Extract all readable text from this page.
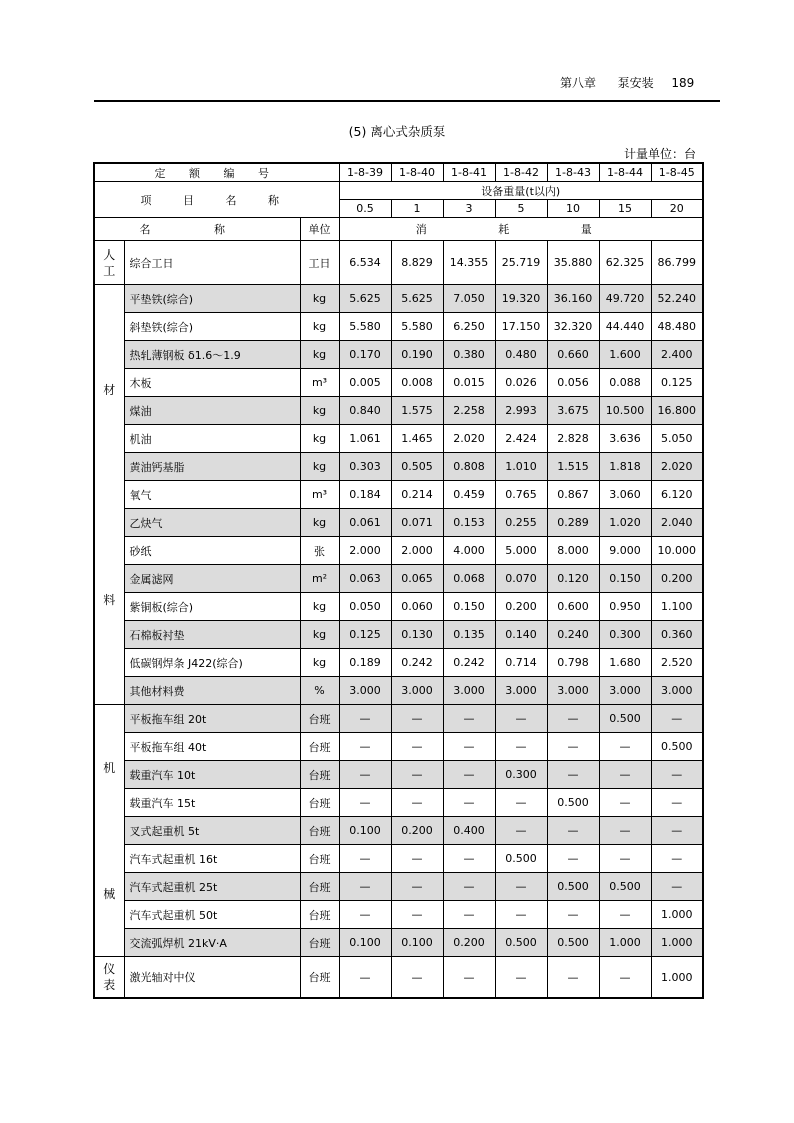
第八章 泵安装 189
(5) 离心式杂质泵
计量单位：台
定 额 编 号			1-8-39	1-8-40	1-8-41	1-8-42	1-8-43	1-8-44	1-8-45
项 目 名 称			设备重量(t以内)						
			0.5	1	3	5	10	15	20
名 称		单位	消 耗 量						
人工	综合工日	工日	6.534	8.829	14.355	25.719	35.880	62.325	86.799

材
料	平垫铁(综合)	kg	5.625	5.625	7.050	19.320	36.160	49.720	52.240
	斜垫铁(综合)	kg	5.580	5.580	6.250	17.150	32.320	44.440	48.480
	热轧薄钢板 δ1.6～1.9	kg	0.170	0.190	0.380	0.480	0.660	1.600	2.400
	木板	m³	0.005	0.008	0.015	0.026	0.056	0.088	0.125
	煤油	kg	0.840	1.575	2.258	2.993	3.675	10.500	16.800
	机油	kg	1.061	1.465	2.020	2.424	2.828	3.636	5.050
	黄油钙基脂	kg	0.303	0.505	0.808	1.010	1.515	1.818	2.020
	氧气	m³	0.184	0.214	0.459	0.765	0.867	3.060	6.120
	乙炔气	kg	0.061	0.071	0.153	0.255	0.289	1.020	2.040
	砂纸	张	2.000	2.000	4.000	5.000	8.000	9.000	10.000
	金属滤网	m²	0.063	0.065	0.068	0.070	0.120	0.150	0.200
	紫铜板(综合)	kg	0.050	0.060	0.150	0.200	0.600	0.950	1.100
	石棉板衬垫	kg	0.125	0.130	0.135	0.140	0.240	0.300	0.360
	低碳钢焊条 J422(综合)	kg	0.189	0.242	0.242	0.714	0.798	1.680	2.520
	其他材料费	%	3.000	3.000	3.000	3.000	3.000	3.000	3.000

机
械	平板拖车组 20t	台班	—	—	—	—	—	0.500	—
	平板拖车组 40t	台班	—	—	—	—	—	—	0.500
	载重汽车 10t	台班	—	—	—	0.300	—	—	—
	载重汽车 15t	台班	—	—	—	—	0.500	—	—
	叉式起重机 5t	台班	0.100	0.200	0.400	—	—	—	—
	汽车式起重机 16t	台班	—	—	—	0.500	—	—	—
	汽车式起重机 25t	台班	—	—	—	—	0.500	0.500	—
	汽车式起重机 50t	台班	—	—	—	—	—	—	1.000
	交流弧焊机 21kV·A	台班	0.100	0.100	0.200	0.500	0.500	1.000	1.000
仪表	激光轴对中仪	台班	—	—	—	—	—	—	1.000
